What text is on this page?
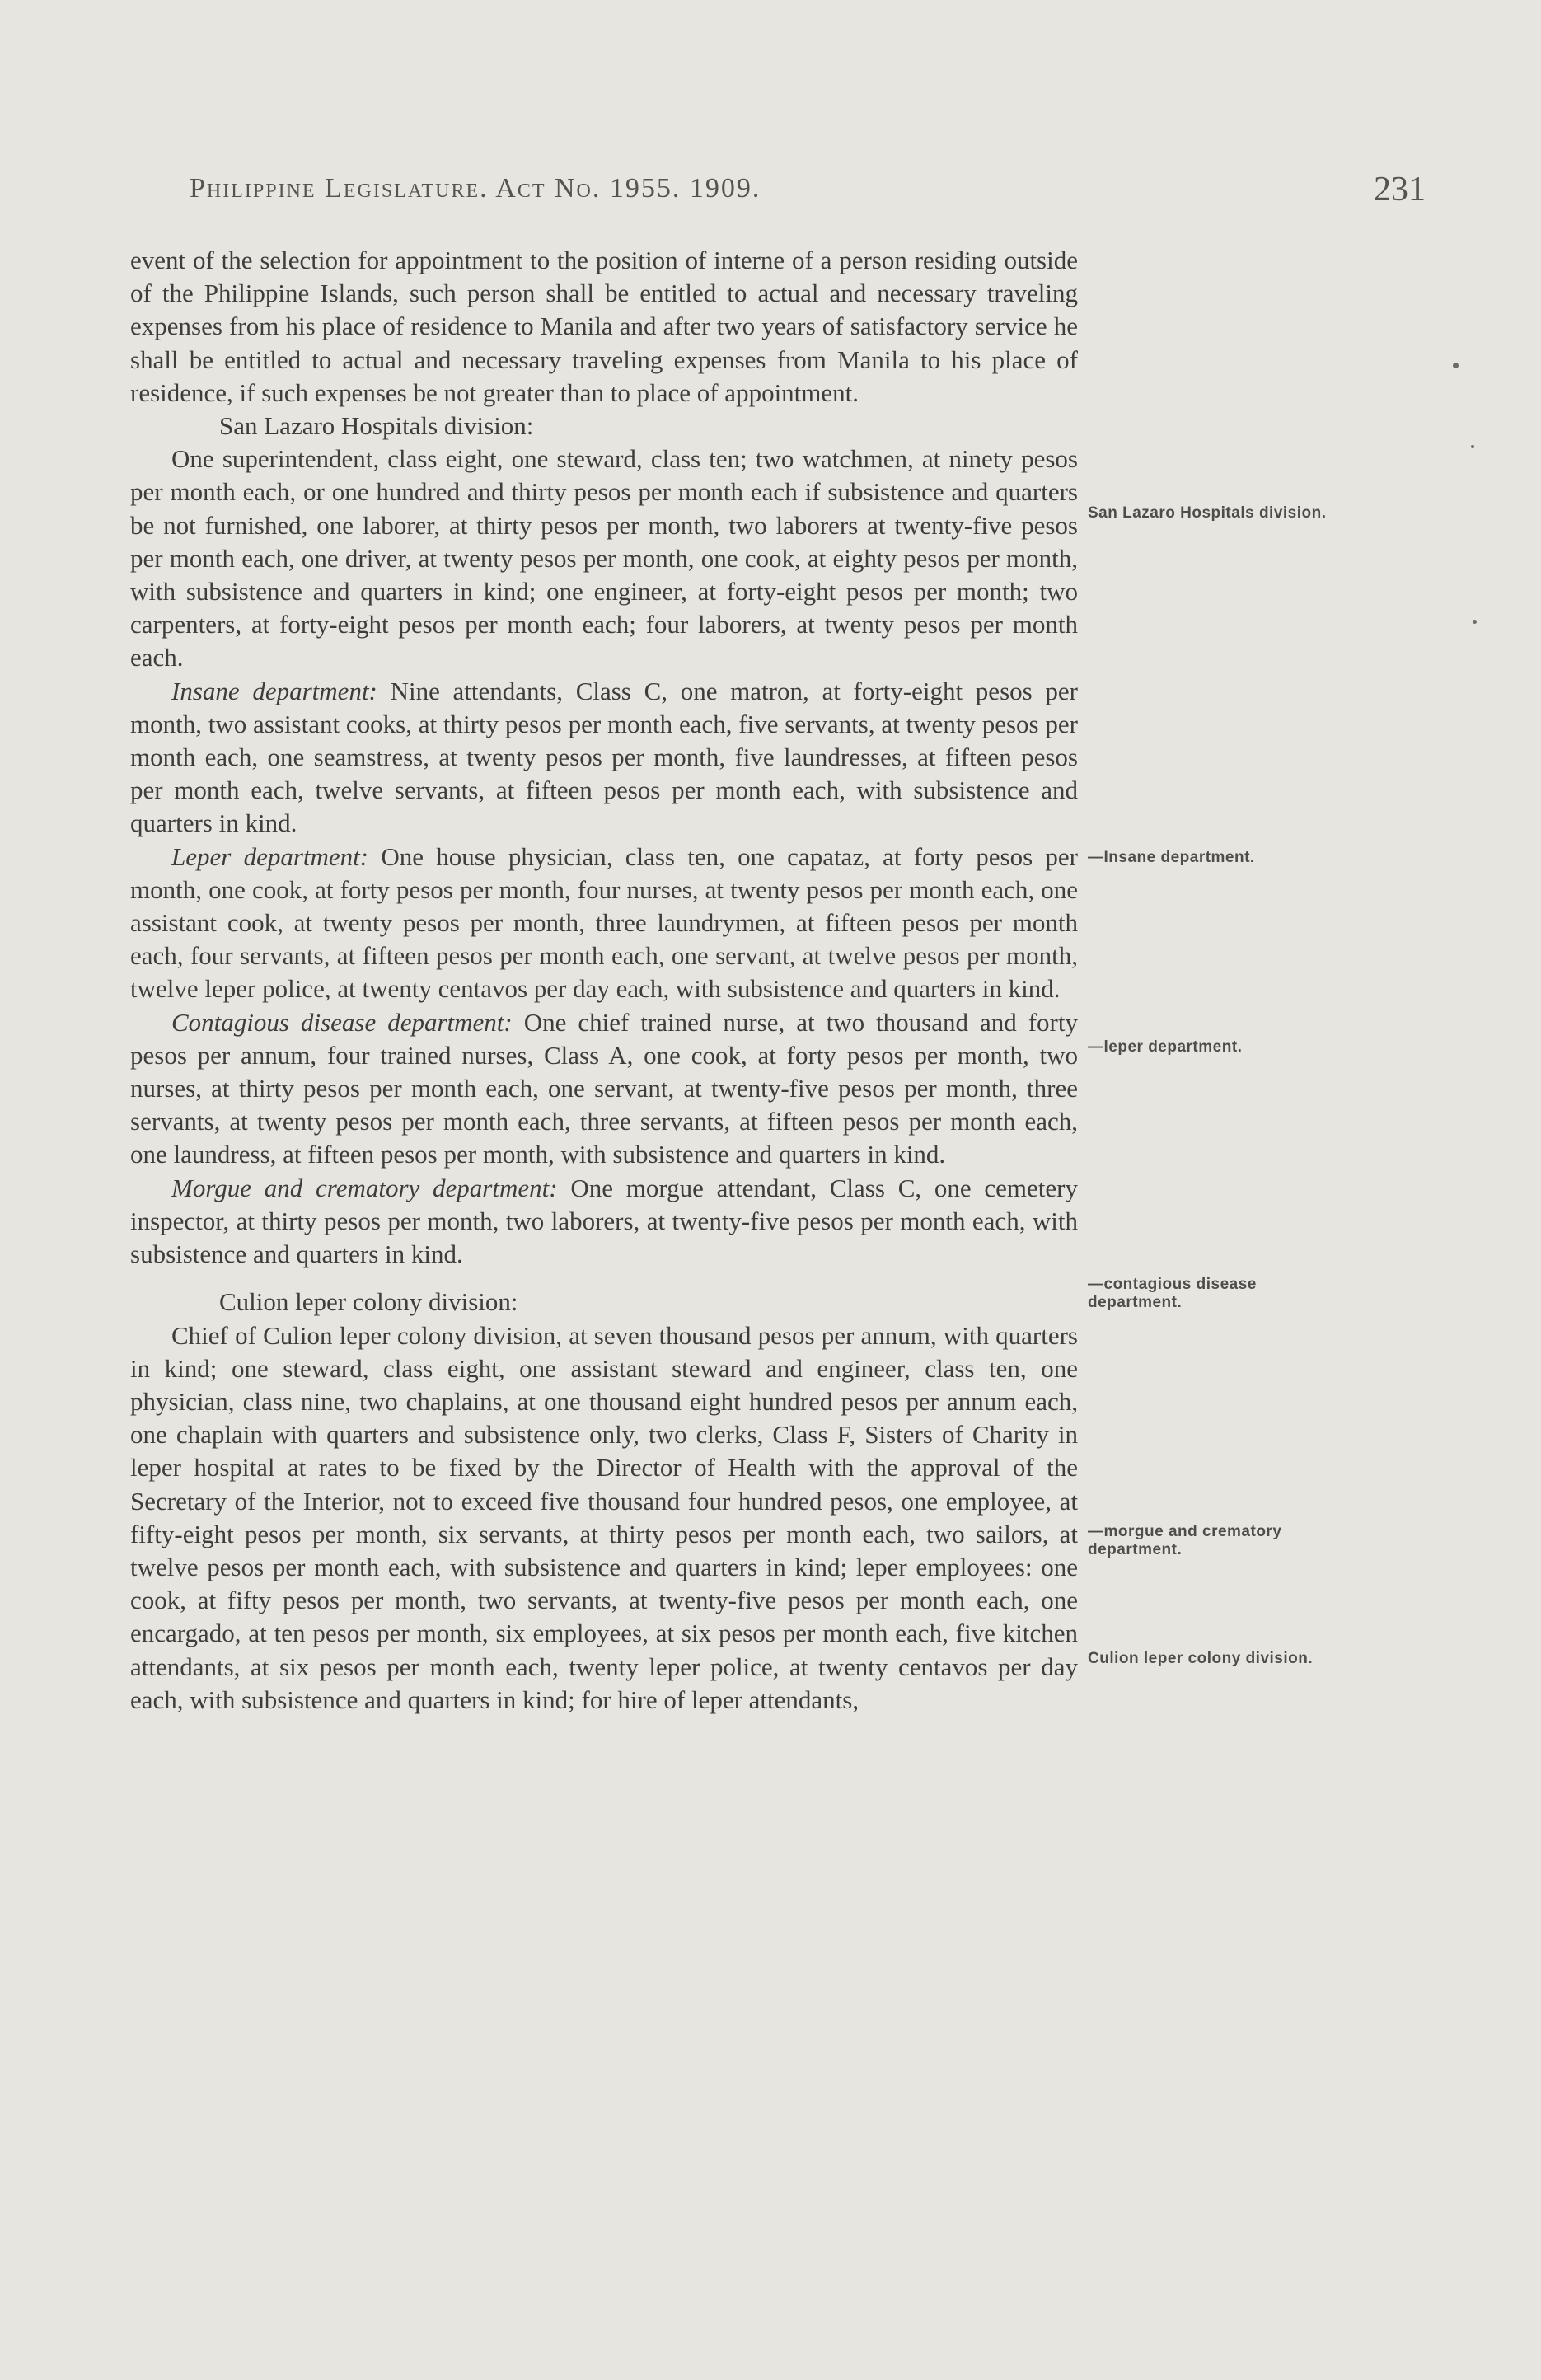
Philippine Legislature. Act No. 1955. 1909.	231

event of the selection for appointment to the position of interne of a person residing outside of the Philippine Islands, such person shall be entitled to actual and necessary traveling expenses from his place of residence to Manila and after two years of satisfactory service he shall be entitled to actual and necessary traveling expenses from Manila to his place of residence, if such expenses be not greater than to place of appointment.

San Lazaro Hospitals division:

One superintendent, class eight, one steward, class ten; two watchmen, at ninety pesos per month each, or one hundred and thirty pesos per month each if subsistence and quarters be not furnished, one laborer, at thirty pesos per month, two laborers at twenty-five pesos per month each, one driver, at twenty pesos per month, one cook, at eighty pesos per month, with subsistence and quarters in kind; one engineer, at forty-eight pesos per month; two carpenters, at forty-eight pesos per month each; four laborers, at twenty pesos per month each.

Insane department: Nine attendants, Class C, one matron, at forty-eight pesos per month, two assistant cooks, at thirty pesos per month each, five servants, at twenty pesos per month each, one seamstress, at twenty pesos per month, five laundresses, at fifteen pesos per month each, twelve servants, at fifteen pesos per month each, with subsistence and quarters in kind.

Leper department: One house physician, class ten, one capataz, at forty pesos per month, one cook, at forty pesos per month, four nurses, at twenty pesos per month each, one assistant cook, at twenty pesos per month, three laundrymen, at fifteen pesos per month each, four servants, at fifteen pesos per month each, one servant, at twelve pesos per month, twelve leper police, at twenty centavos per day each, with subsistence and quarters in kind.

Contagious disease department: One chief trained nurse, at two thousand and forty pesos per annum, four trained nurses, Class A, one cook, at forty pesos per month, two nurses, at thirty pesos per month each, one servant, at twenty-five pesos per month, three servants, at twenty pesos per month each, three servants, at fifteen pesos per month each, one laundress, at fifteen pesos per month, with subsistence and quarters in kind.

Morgue and crematory department: One morgue attendant, Class C, one cemetery inspector, at thirty pesos per month, two laborers, at twenty-five pesos per month each, with subsistence and quarters in kind.

Culion leper colony division:

Chief of Culion leper colony division, at seven thousand pesos per annum, with quarters in kind; one steward, class eight, one assistant steward and engineer, class ten, one physician, class nine, two chaplains, at one thousand eight hundred pesos per annum each, one chaplain with quarters and subsistence only, two clerks, Class F, Sisters of Charity in leper hospital at rates to be fixed by the Director of Health with the approval of the Secretary of the Interior, not to exceed five thousand four hundred pesos, one employee, at fifty-eight pesos per month, six servants, at thirty pesos per month each, two sailors, at twelve pesos per month each, with subsistence and quarters in kind; leper employees: one cook, at fifty pesos per month, two servants, at twenty-five pesos per month each, one encargado, at ten pesos per month, six employees, at six pesos per month each, five kitchen attendants, at six pesos per month each, twenty leper police, at twenty centavos per day each, with subsistence and quarters in kind; for hire of leper attendants,

San Lazaro Hospitals division.
—Insane department.
—leper department.
—contagious disease department.
—morgue and crematory department.
Culion leper colony division.
